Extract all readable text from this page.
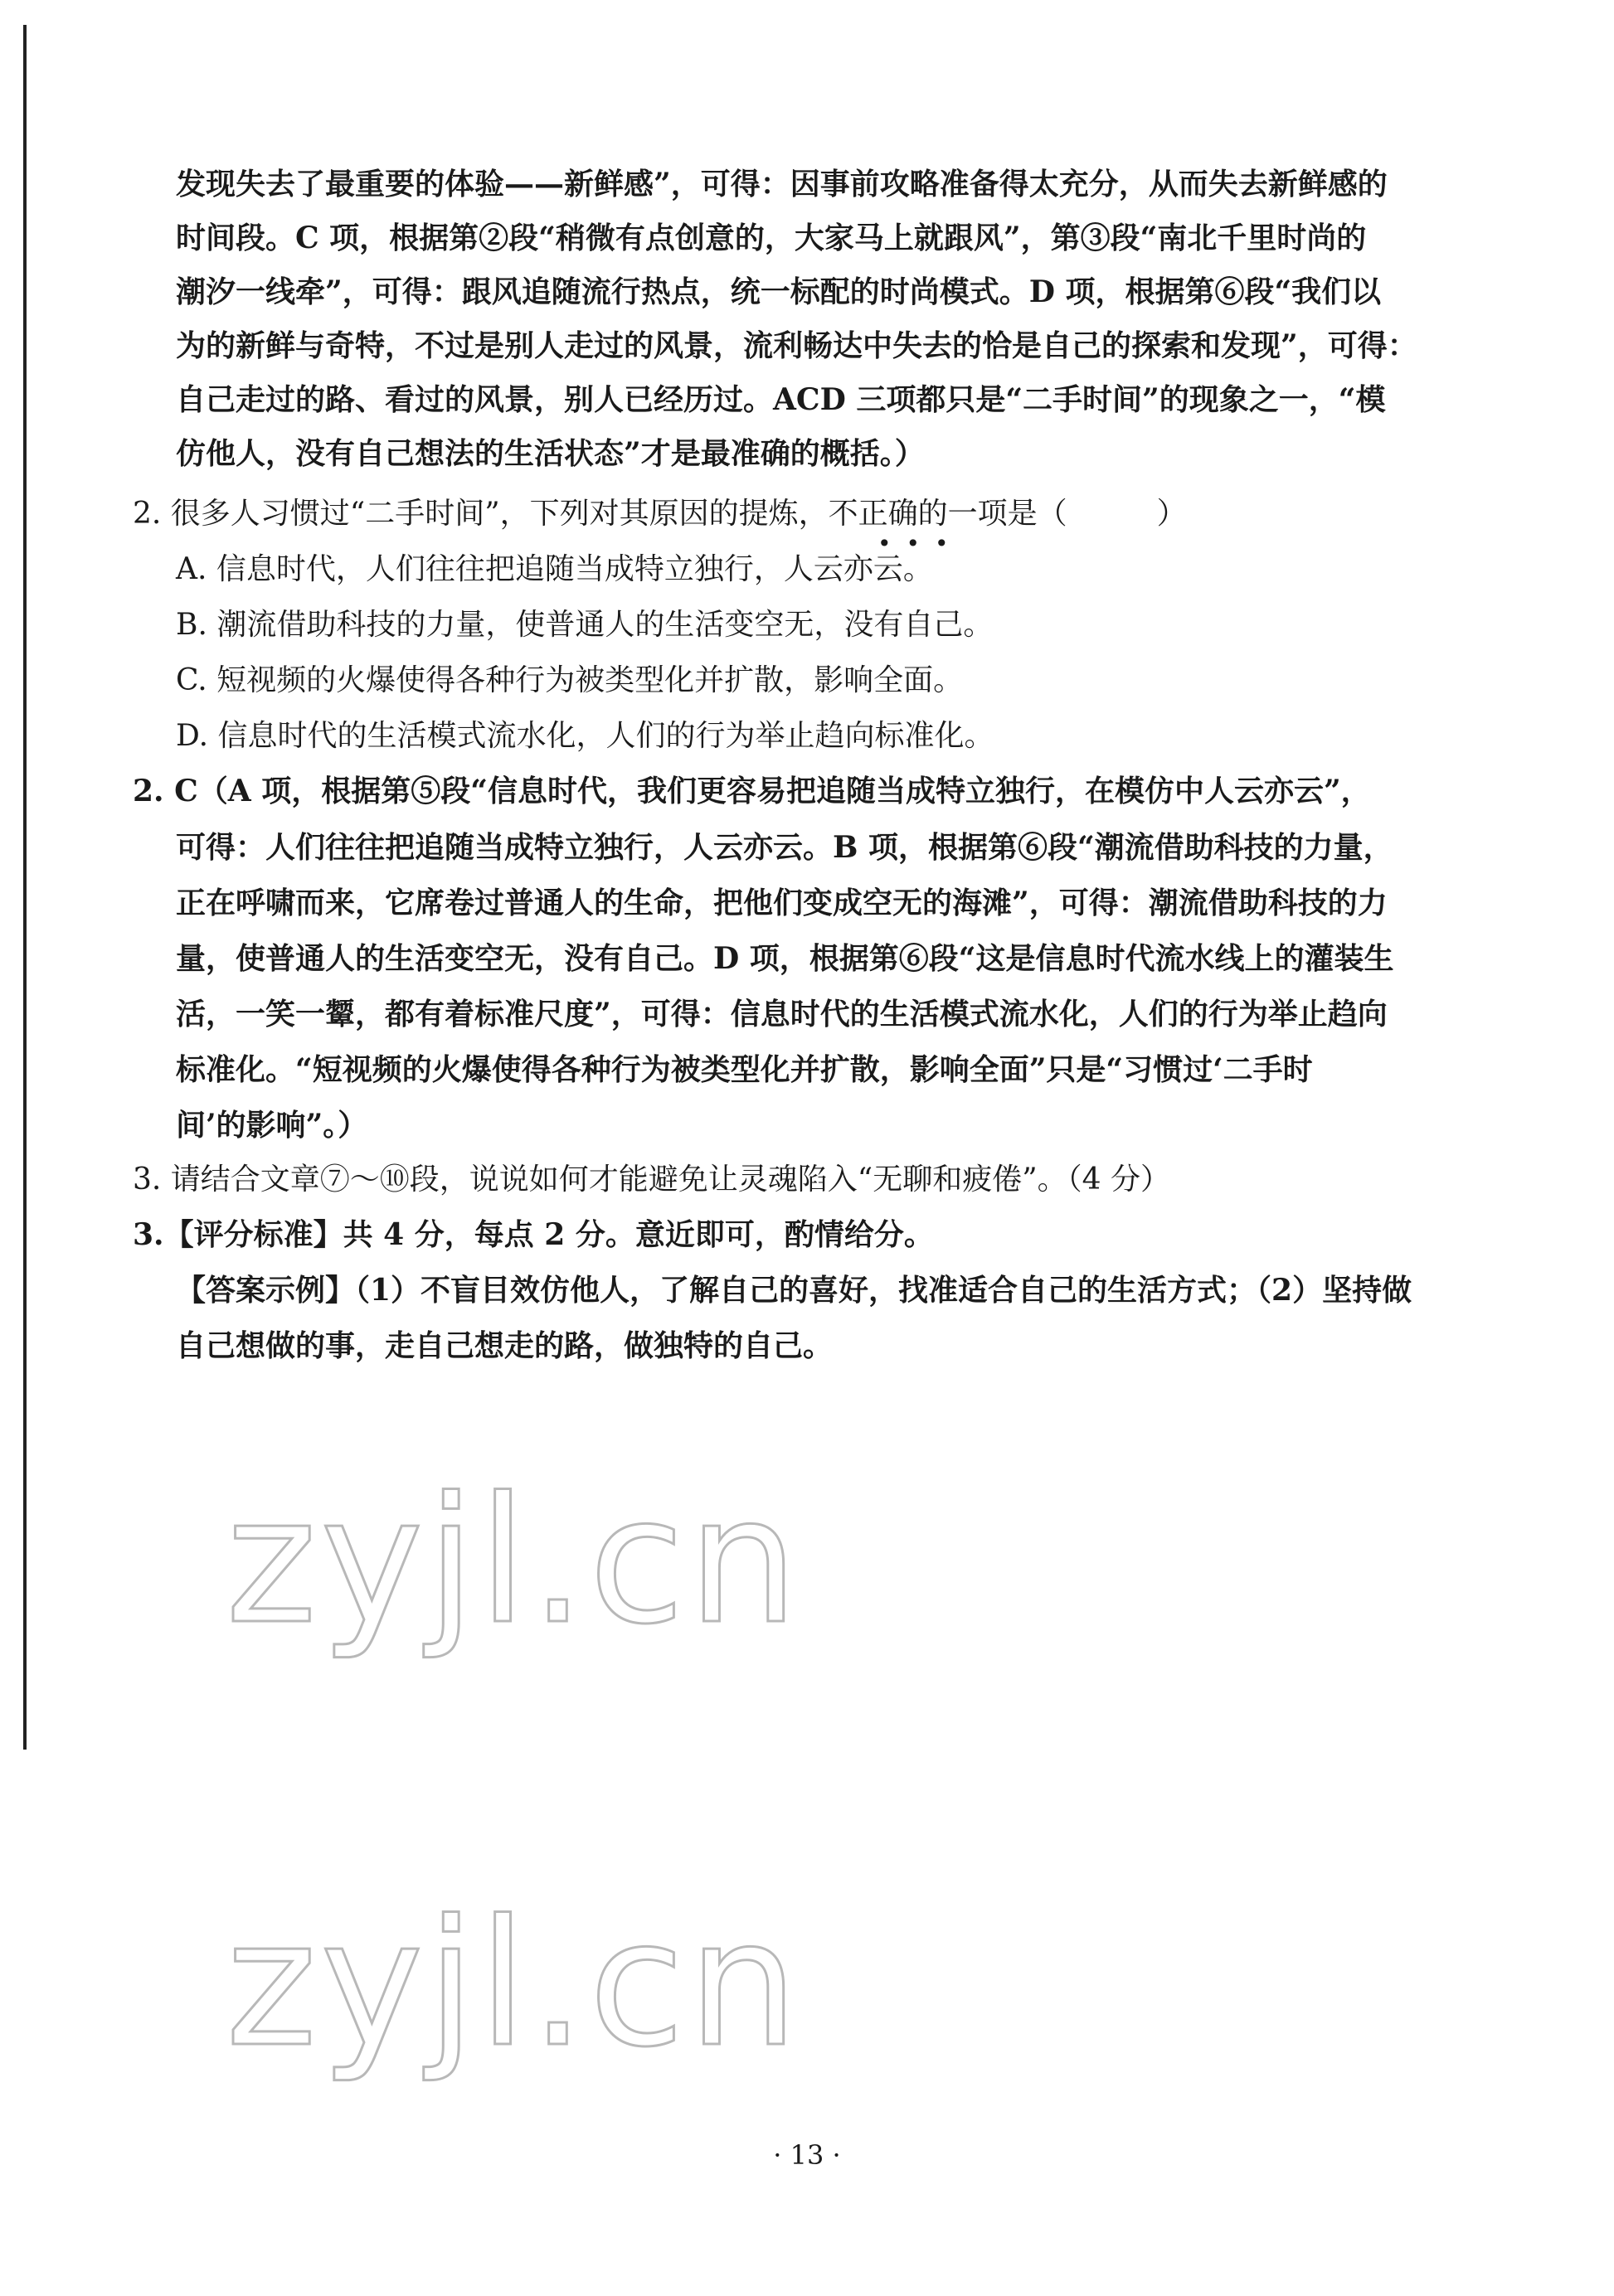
发现失去了最重要的体验——新鲜感”，可得：因事前攻略准备得太充分，从而失去新鲜感的
时间段。C 项，根据第②段“稍微有点创意的，大家马上就跟风”，第③段“南北千里时尚的
潮汐一线牵”，可得：跟风追随流行热点，统一标配的时尚模式。D 项，根据第⑥段“我们以
为的新鲜与奇特，不过是别人走过的风景，流利畅达中失去的恰是自己的探索和发现”，可得：
自己走过的路、看过的风景，别人已经历过。ACD 三项都只是“二手时间”的现象之一，“模
仿他人，没有自己想法的生活状态”才是最准确的概括。）
2. 很多人习惯过“二手时间”，下列对其原因的提炼，不正确的一项是（　　　）
•••
A. 信息时代，人们往往把追随当成特立独行，人云亦云。
B. 潮流借助科技的力量，使普通人的生活变空无，没有自己。
C. 短视频的火爆使得各种行为被类型化并扩散，影响全面。
D. 信息时代的生活模式流水化，人们的行为举止趋向标准化。
2. C（A 项，根据第⑤段“信息时代，我们更容易把追随当成特立独行，在模仿中人云亦云”，
可得：人们往往把追随当成特立独行，人云亦云。B 项，根据第⑥段“潮流借助科技的力量，
正在呼啸而来，它席卷过普通人的生命，把他们变成空无的海滩”，可得：潮流借助科技的力
量，使普通人的生活变空无，没有自己。D 项，根据第⑥段“这是信息时代流水线上的灌装生
活，一笑一颦，都有着标准尺度”，可得：信息时代的生活模式流水化，人们的行为举止趋向
标准化。“短视频的火爆使得各种行为被类型化并扩散，影响全面”只是“习惯过‘二手时
间’的影响”。）
3. 请结合文章⑦～⑩段，说说如何才能避免让灵魂陷入“无聊和疲倦”。（4 分）
3.【评分标准】共 4 分，每点 2 分。意近即可，酌情给分。
【答案示例】（1）不盲目效仿他人，了解自己的喜好，找准适合自己的生活方式；（2）坚持做
自己想做的事，走自己想走的路，做独特的自己。
zyjl.cn
zyjl.cn
· 13 ·
